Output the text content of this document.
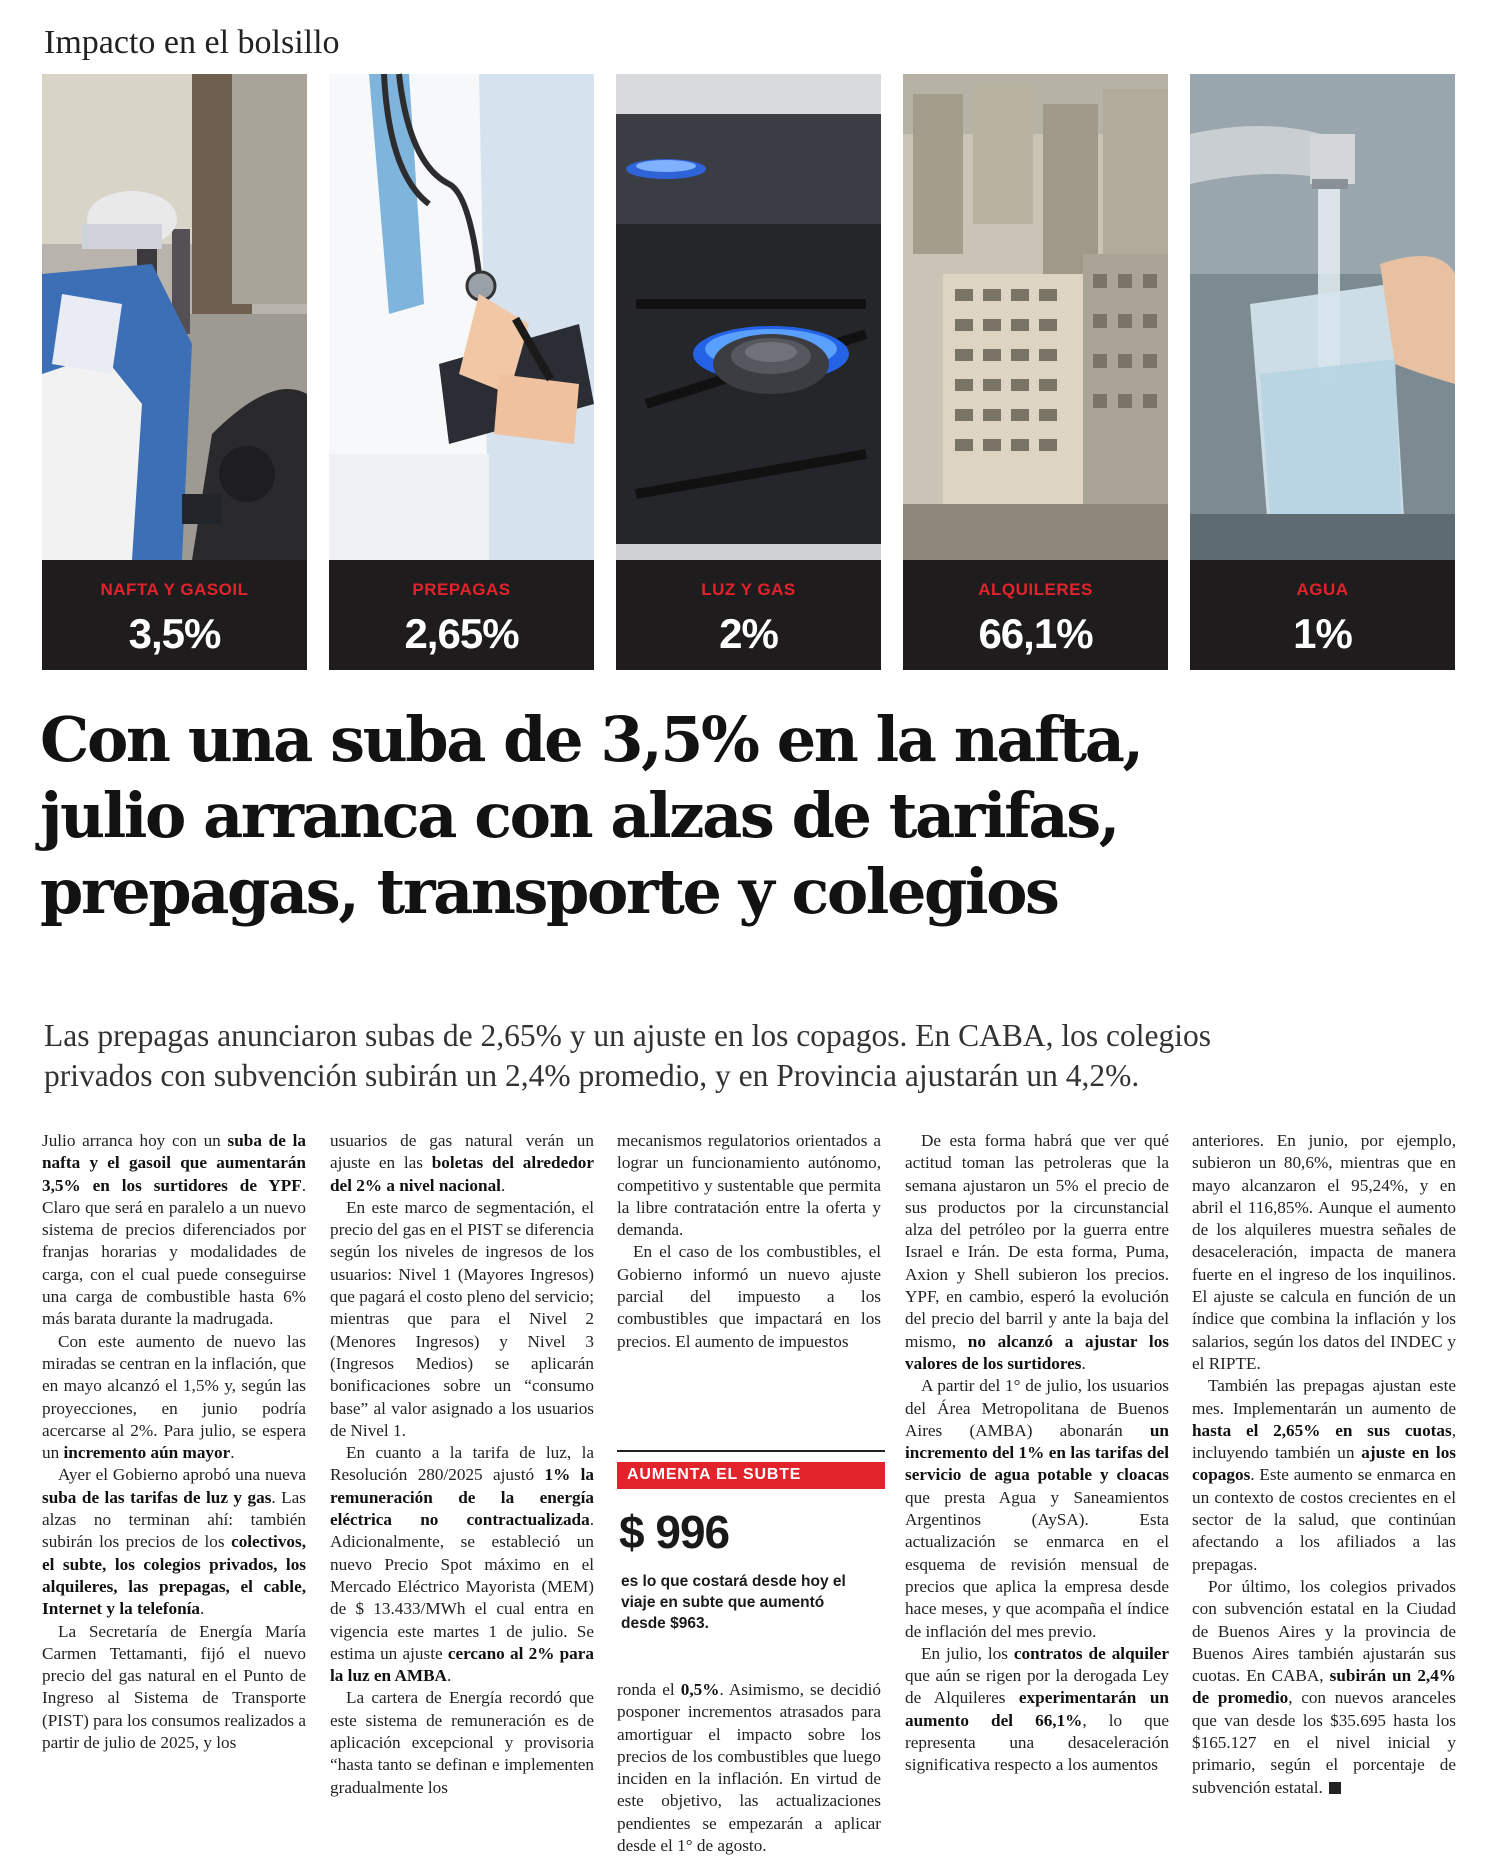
Impacto en el bolsillo
NAFTA Y GASOIL
3,5%
PREPAGAS
2,65%
LUZ Y GAS
2%
ALQUILERES
66,1%
AGUA
1%
Con una suba de 3,5% en la nafta,
julio arranca con alzas de tarifas,
prepagas, transporte y colegios
Las prepagas anunciaron subas de 2,65% y un ajuste en los copagos. En CABA, los colegios
privados con subvención subirán un 2,4% promedio, y en Provincia ajustarán un 4,2%.

Julio arranca hoy con un suba de la nafta y el gasoil que aumentarán 3,5% en los surtidores de YPF. Claro que será en paralelo a un nuevo sistema de precios diferenciados por franjas horarias y modalidades de carga, con el cual puede conseguirse una carga de combustible hasta 6% más barata durante la madrugada.

Con este aumento de nuevo las miradas se centran en la inflación, que en mayo alcanzó el 1,5% y, según las proyecciones, en junio podría acercarse al 2%. Para julio, se espera un incremento aún mayor.

Ayer el Gobierno aprobó una nueva suba de las tarifas de luz y gas. Las alzas no terminan ahí: también subirán los precios de los colectivos, el subte, los colegios privados, los alquileres, las prepagas, el cable, Internet y la telefonía.

La Secretaría de Energía María Carmen Tettamanti, fijó el nuevo precio del gas natural en el Punto de Ingreso al Sistema de Transporte (PIST) para los consumos realizados a partir de julio de 2025, y los

usuarios de gas natural verán un ajuste en las boletas del alrededor del 2% a nivel nacional.

En este marco de segmentación, el precio del gas en el PIST se diferencia según los niveles de ingresos de los usuarios: Nivel 1 (Mayores Ingresos) que pagará el costo pleno del servicio; mientras que para el Nivel 2 (Menores Ingresos) y Nivel 3 (Ingresos Medios) se aplicarán bonificaciones sobre un “consumo base” al valor asignado a los usuarios de Nivel 1.

En cuanto a la tarifa de luz, la Resolución 280/2025 ajustó 1% la remuneración de la energía eléctrica no contractualizada. Adicionalmente, se estableció un nuevo Precio Spot máximo en el Mercado Eléctrico Mayorista (MEM) de $ 13.433/MWh el cual entra en vigencia este martes 1 de julio. Se estima un ajuste cercano al 2% para la luz en AMBA.

La cartera de Energía recordó que este sistema de remuneración es de aplicación excepcional y provisoria “hasta tanto se definan e implementen gradualmente los

mecanismos regulatorios orientados a lograr un funcionamiento autónomo, competitivo y sustentable que permita la libre contratación entre la oferta y demanda.

En el caso de los combustibles, el Gobierno informó un nuevo ajuste parcial del impuesto a los combustibles que impactará en los precios. El aumento de impuestos

ronda el 0,5%. Asimismo, se decidió posponer incrementos atrasados para amortiguar el impacto sobre los precios de los combustibles que luego inciden en la inflación. En virtud de este objetivo, las actualizaciones pendientes se empezarán a aplicar desde el 1° de agosto.

De esta forma habrá que ver qué actitud toman las petroleras que la semana ajustaron un 5% el precio de sus productos por la circunstancial alza del petróleo por la guerra entre Israel e Irán. De esta forma, Puma, Axion y Shell subieron los precios. YPF, en cambio, esperó la evolución del precio del barril y ante la baja del mismo, no alcanzó a ajustar los valores de los surtidores.

A partir del 1° de julio, los usuarios del Área Metropolitana de Buenos Aires (AMBA) abonarán un incremento del 1% en las tarifas del servicio de agua potable y cloacas que presta Agua y Saneamientos Argentinos (AySA). Esta actualización se enmarca en el esquema de revisión mensual de precios que aplica la empresa desde hace meses, y que acompaña el índice de inflación del mes previo.

En julio, los contratos de alquiler que aún se rigen por la derogada Ley de Alquileres experimentarán un aumento del 66,1%, lo que representa una desaceleración significativa respecto a los aumentos

anteriores. En junio, por ejemplo, subieron un 80,6%, mientras que en mayo alcanzaron el 95,24%, y en abril el 116,85%. Aunque el aumento de los alquileres muestra señales de desaceleración, impacta de manera fuerte en el ingreso de los inquilinos. El ajuste se calcula en función de un índice que combina la inflación y los salarios, según los datos del INDEC y el RIPTE.

También las prepagas ajustan este mes. Implementarán un aumento de hasta el 2,65% en sus cuotas, incluyendo también un ajuste en los copagos. Este aumento se enmarca en un contexto de costos crecientes en el sector de la salud, que continúan afectando a los afiliados a las prepagas.

Por último, los colegios privados con subvención estatal en la Ciudad de Buenos Aires y la provincia de Buenos Aires también ajustarán sus cuotas. En CABA, subirán un 2,4% de promedio, con nuevos aranceles que van desde los $35.695 hasta los $165.127 en el nivel inicial y primario, según el porcentaje de subvención estatal.

AUMENTA EL SUBTE
$ 996
es lo que costará desde hoy el viaje en subte que aumentó desde $963.
